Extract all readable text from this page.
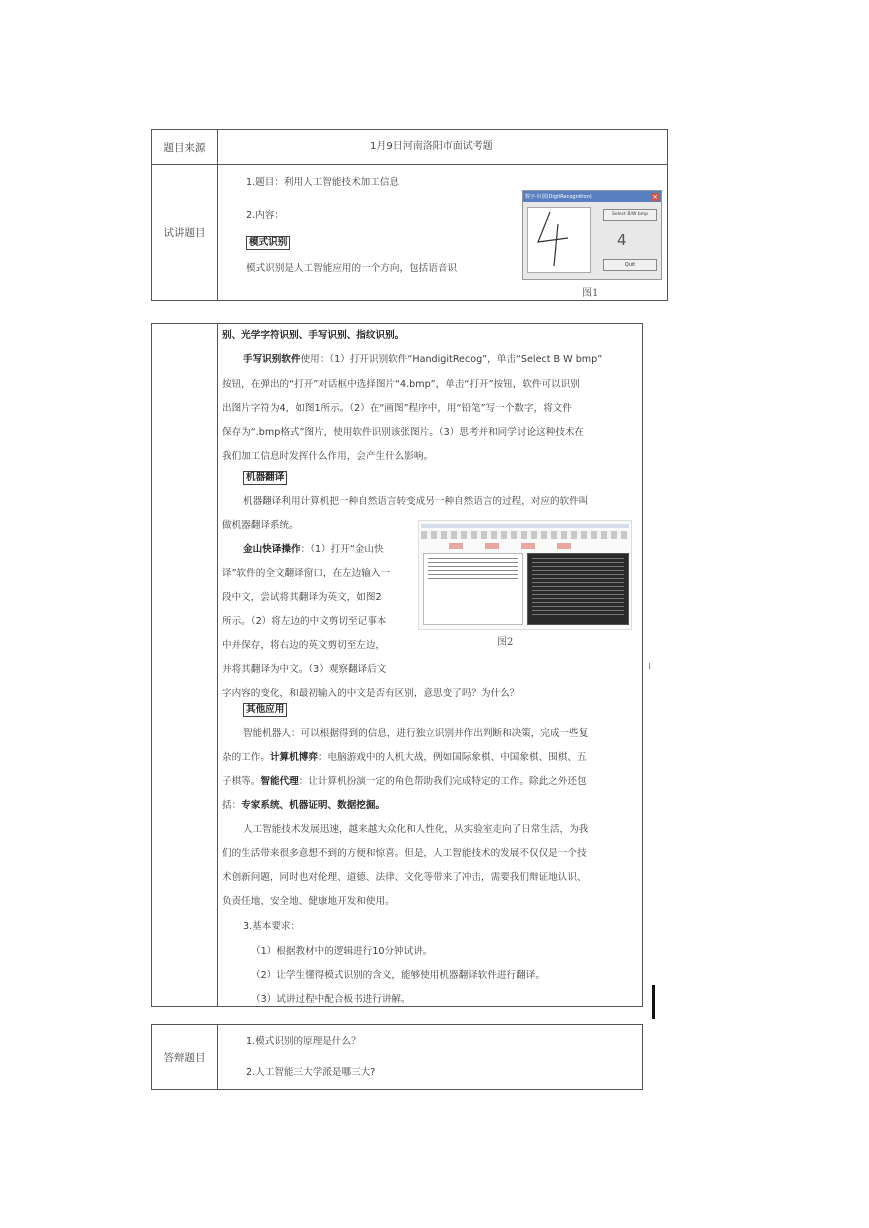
题目来源	1月9日河南洛阳市面试考题
试讲题目
1.题目：利用人工智能技术加工信息
2.内容：
模式识别
模式识别是人工智能应用的一个方向，包括语音识
数字·识别(DigitRecognition)	×
Select B/W bmp
4
Quit
图1
别、光学字符识别、手写识别、指纹识别。
手写识别软件使用：（1）打开识别软件“HandigitRecog”，单击“Select B W bmp”
按钮，在弹出的“打开”对话框中选择图片“4.bmp”，单击“打开”按钮，软件可以识别
出图片字符为4，如图1所示。（2）在“画图”程序中，用“铅笔”写一个数字，将文件
保存为“.bmp格式”图片，使用软件识别该张图片。（3）思考并和同学讨论这种技术在
我们加工信息时发挥什么作用，会产生什么影响。
机器翻译
机器翻译利用计算机把一种自然语言转变成另一种自然语言的过程，对应的软件叫
做机器翻译系统。
金山快译操作：（1）打开“金山快
译”软件的全文翻译窗口，在左边输入一
段中文，尝试将其翻译为英文，如图2
所示。（2）将左边的中文剪切至记事本
中并保存，将右边的英文剪切至左边，
并将其翻译为中文。（3）观察翻译后文
字内容的变化，和最初输入的中文是否有区别，意思变了吗？为什么？
图2
其他应用
智能机器人：可以根据得到的信息，进行独立识别并作出判断和决策，完成一些复
杂的工作。计算机博弈：电脑游戏中的人机大战，例如国际象棋、中国象棋、围棋、五
子棋等。智能代理：让计算机扮演一定的角色帮助我们完成特定的工作。除此之外还包
括：专家系统、机器证明、数据挖掘。
人工智能技术发展迅速，越来越大众化和人性化，从实验室走向了日常生活，为我
们的生活带来很多意想不到的方便和惊喜。但是，人工智能技术的发展不仅仅是一个技
术创新问题，同时也对伦理、道德、法律、文化等带来了冲击，需要我们辩证地认识、
负责任地、安全地、健康地开发和使用。
3.基本要求：
（1）根据教材中的逻辑进行10分钟试讲。
（2）让学生懂得模式识别的含义，能够使用机器翻译软件进行翻译。
（3）试讲过程中配合板书进行讲解。
答辩题目
1.模式识别的原理是什么？
2.人工智能三大学派是哪三大?
